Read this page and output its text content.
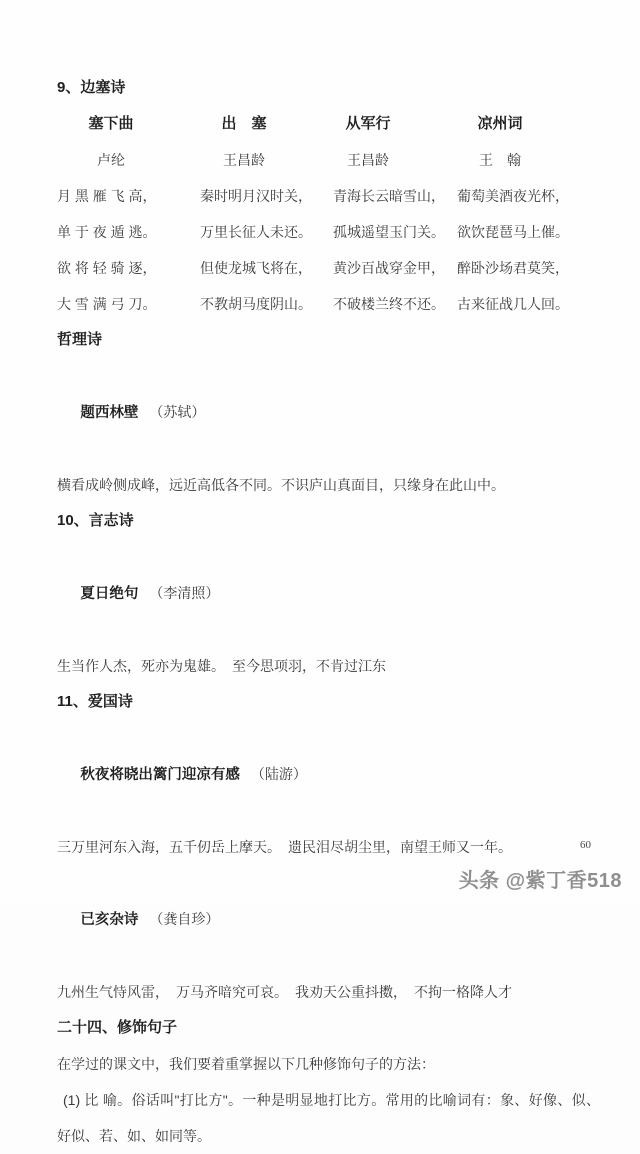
9、边塞诗
塞下曲
卢纶
月 黑 雁 飞 高，
单 于 夜 遁 逃。
欲 将 轻 骑 逐，
大 雪 满 弓 刀。
出　塞
王昌龄
秦时明月汉时关，
万里长征人未还。
但使龙城飞将在，
不教胡马度阴山。
从军行
王昌龄
青海长云暗雪山，
孤城遥望玉门关。
黄沙百战穿金甲，
不破楼兰终不还。
凉州词
王　翰
葡萄美酒夜光杯，
欲饮琵琶马上催。
醉卧沙场君莫笑，
古来征战几人回。
哲理诗

题西林壁 （苏轼）

横看成岭侧成峰，远近高低各不同。不识庐山真面目，只缘身在此山中。
10、言志诗

夏日绝句 （李清照）

生当作人杰，死亦为鬼雄。　至今思项羽，不肯过江东
11、爱国诗

秋夜将晓出篱门迎凉有感 （陆游）

三万里河东入海，五千仞岳上摩天。　遗民泪尽胡尘里，南望王师又一年。

已亥杂诗 （龚自珍）

九州生气恃风雷，　万马齐喑究可哀。　我劝天公重抖擞，　不拘一格降人才
二十四、修饰句子
在学过的课文中，我们要着重掌握以下几种修饰句子的方法：
(1) 比 喻。俗话叫"打比方"。一种是明显地打比方。常用的比喻词有：象、好像、似、好似、若、如、如同等。
60
头条 @紫丁香518
